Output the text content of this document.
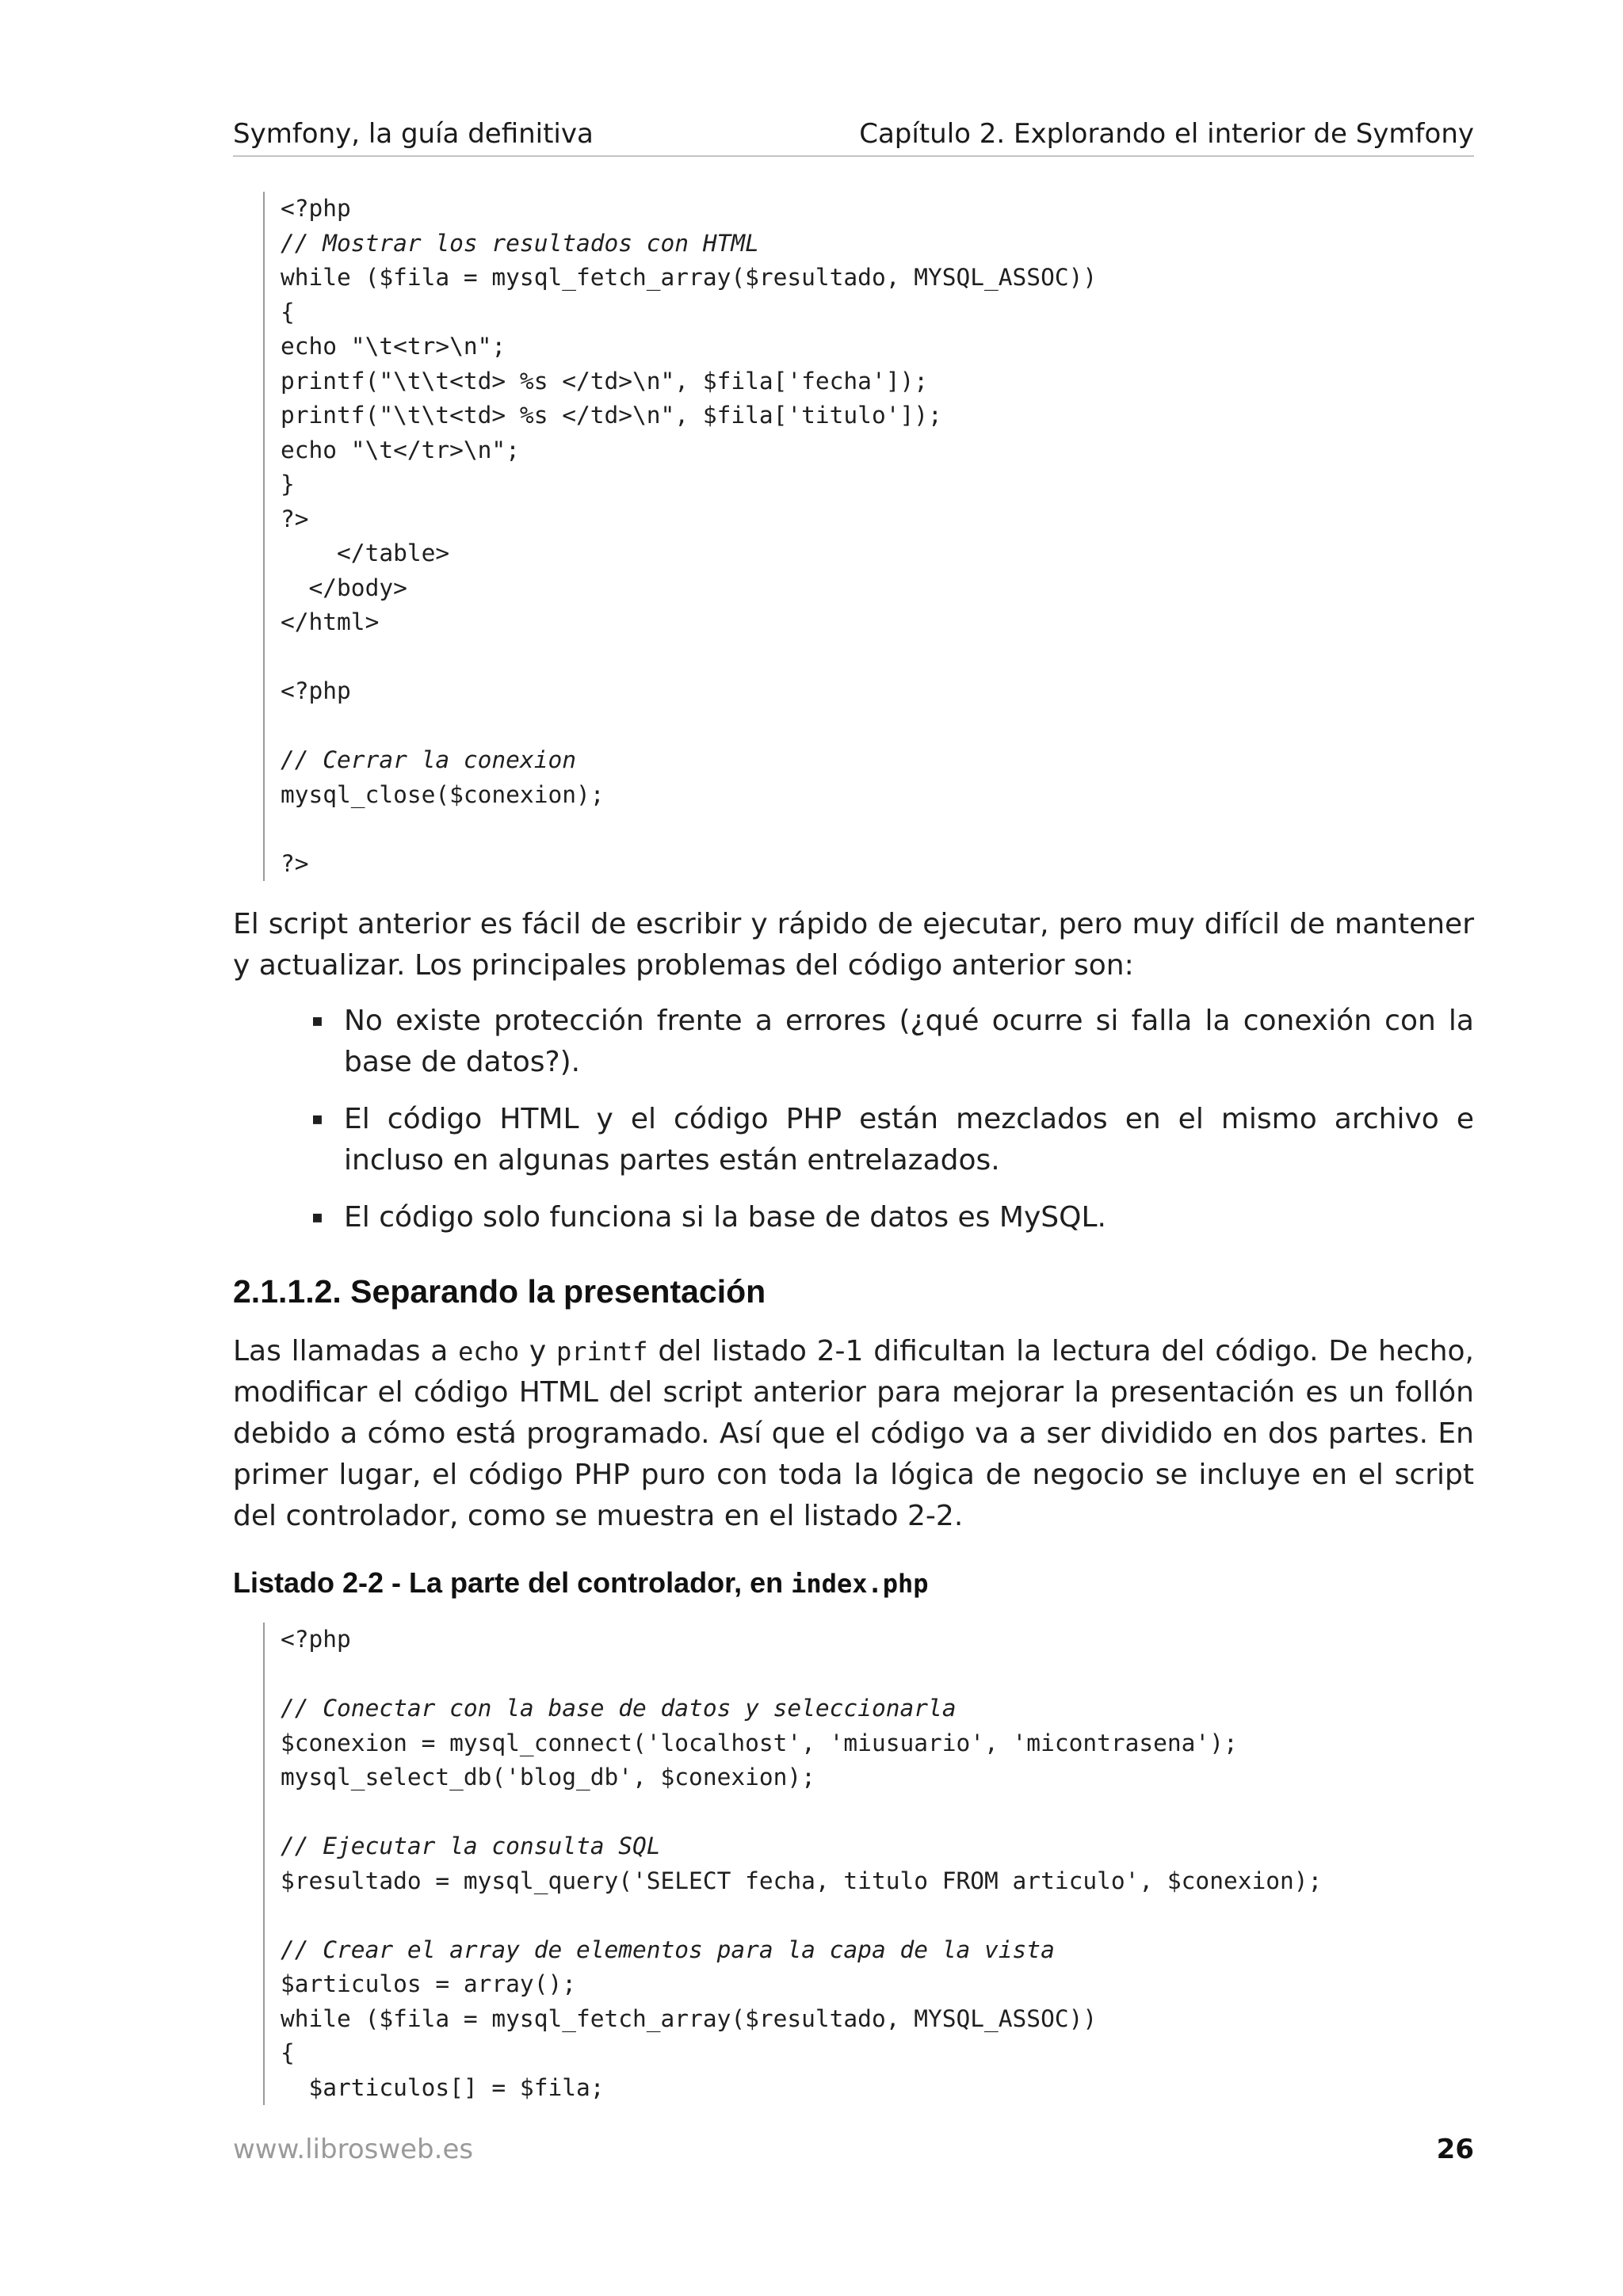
Symfony, la guía definitiva	Capítulo 2. Explorando el interior de Symfony
<?php
// Mostrar los resultados con HTML
while ($fila = mysql_fetch_array($resultado, MYSQL_ASSOC))
{
echo "\t<tr>\n";
printf("\t\t<td> %s </td>\n", $fila['fecha']);
printf("\t\t<td> %s </td>\n", $fila['titulo']);
echo "\t</tr>\n";
}
?>
</table>
</body>
</html>
<?php
// Cerrar la conexion
mysql_close($conexion);
?>

El script anterior es fácil de escribir y rápido de ejecutar, pero muy difícil de mantener y actualizar. Los principales problemas del código anterior son:

▪ No existe protección frente a errores (¿qué ocurre si falla la conexión con la base de datos?).
▪ El código HTML y el código PHP están mezclados en el mismo archivo e incluso en algunas partes están entrelazados.
▪ El código solo funciona si la base de datos es MySQL.
2.1.1.2. Separando la presentación

Las llamadas a echo y printf del listado 2-1 dificultan la lectura del código. De hecho, modificar el código HTML del script anterior para mejorar la presentación es un follón debido a cómo está programado. Así que el código va a ser dividido en dos partes. En primer lugar, el código PHP puro con toda la lógica de negocio se incluye en el script del controlador, como se muestra en el listado 2-2.

Listado 2-2 - La parte del controlador, en index.php
<?php
// Conectar con la base de datos y seleccionarla
$conexion = mysql_connect('localhost', 'miusuario', 'micontrasena');
mysql_select_db('blog_db', $conexion);
// Ejecutar la consulta SQL
$resultado = mysql_query('SELECT fecha, titulo FROM articulo', $conexion);
// Crear el array de elementos para la capa de la vista
$articulos = array();
while ($fila = mysql_fetch_array($resultado, MYSQL_ASSOC))
{
$articulos[] = $fila;
www.librosweb.es	26
